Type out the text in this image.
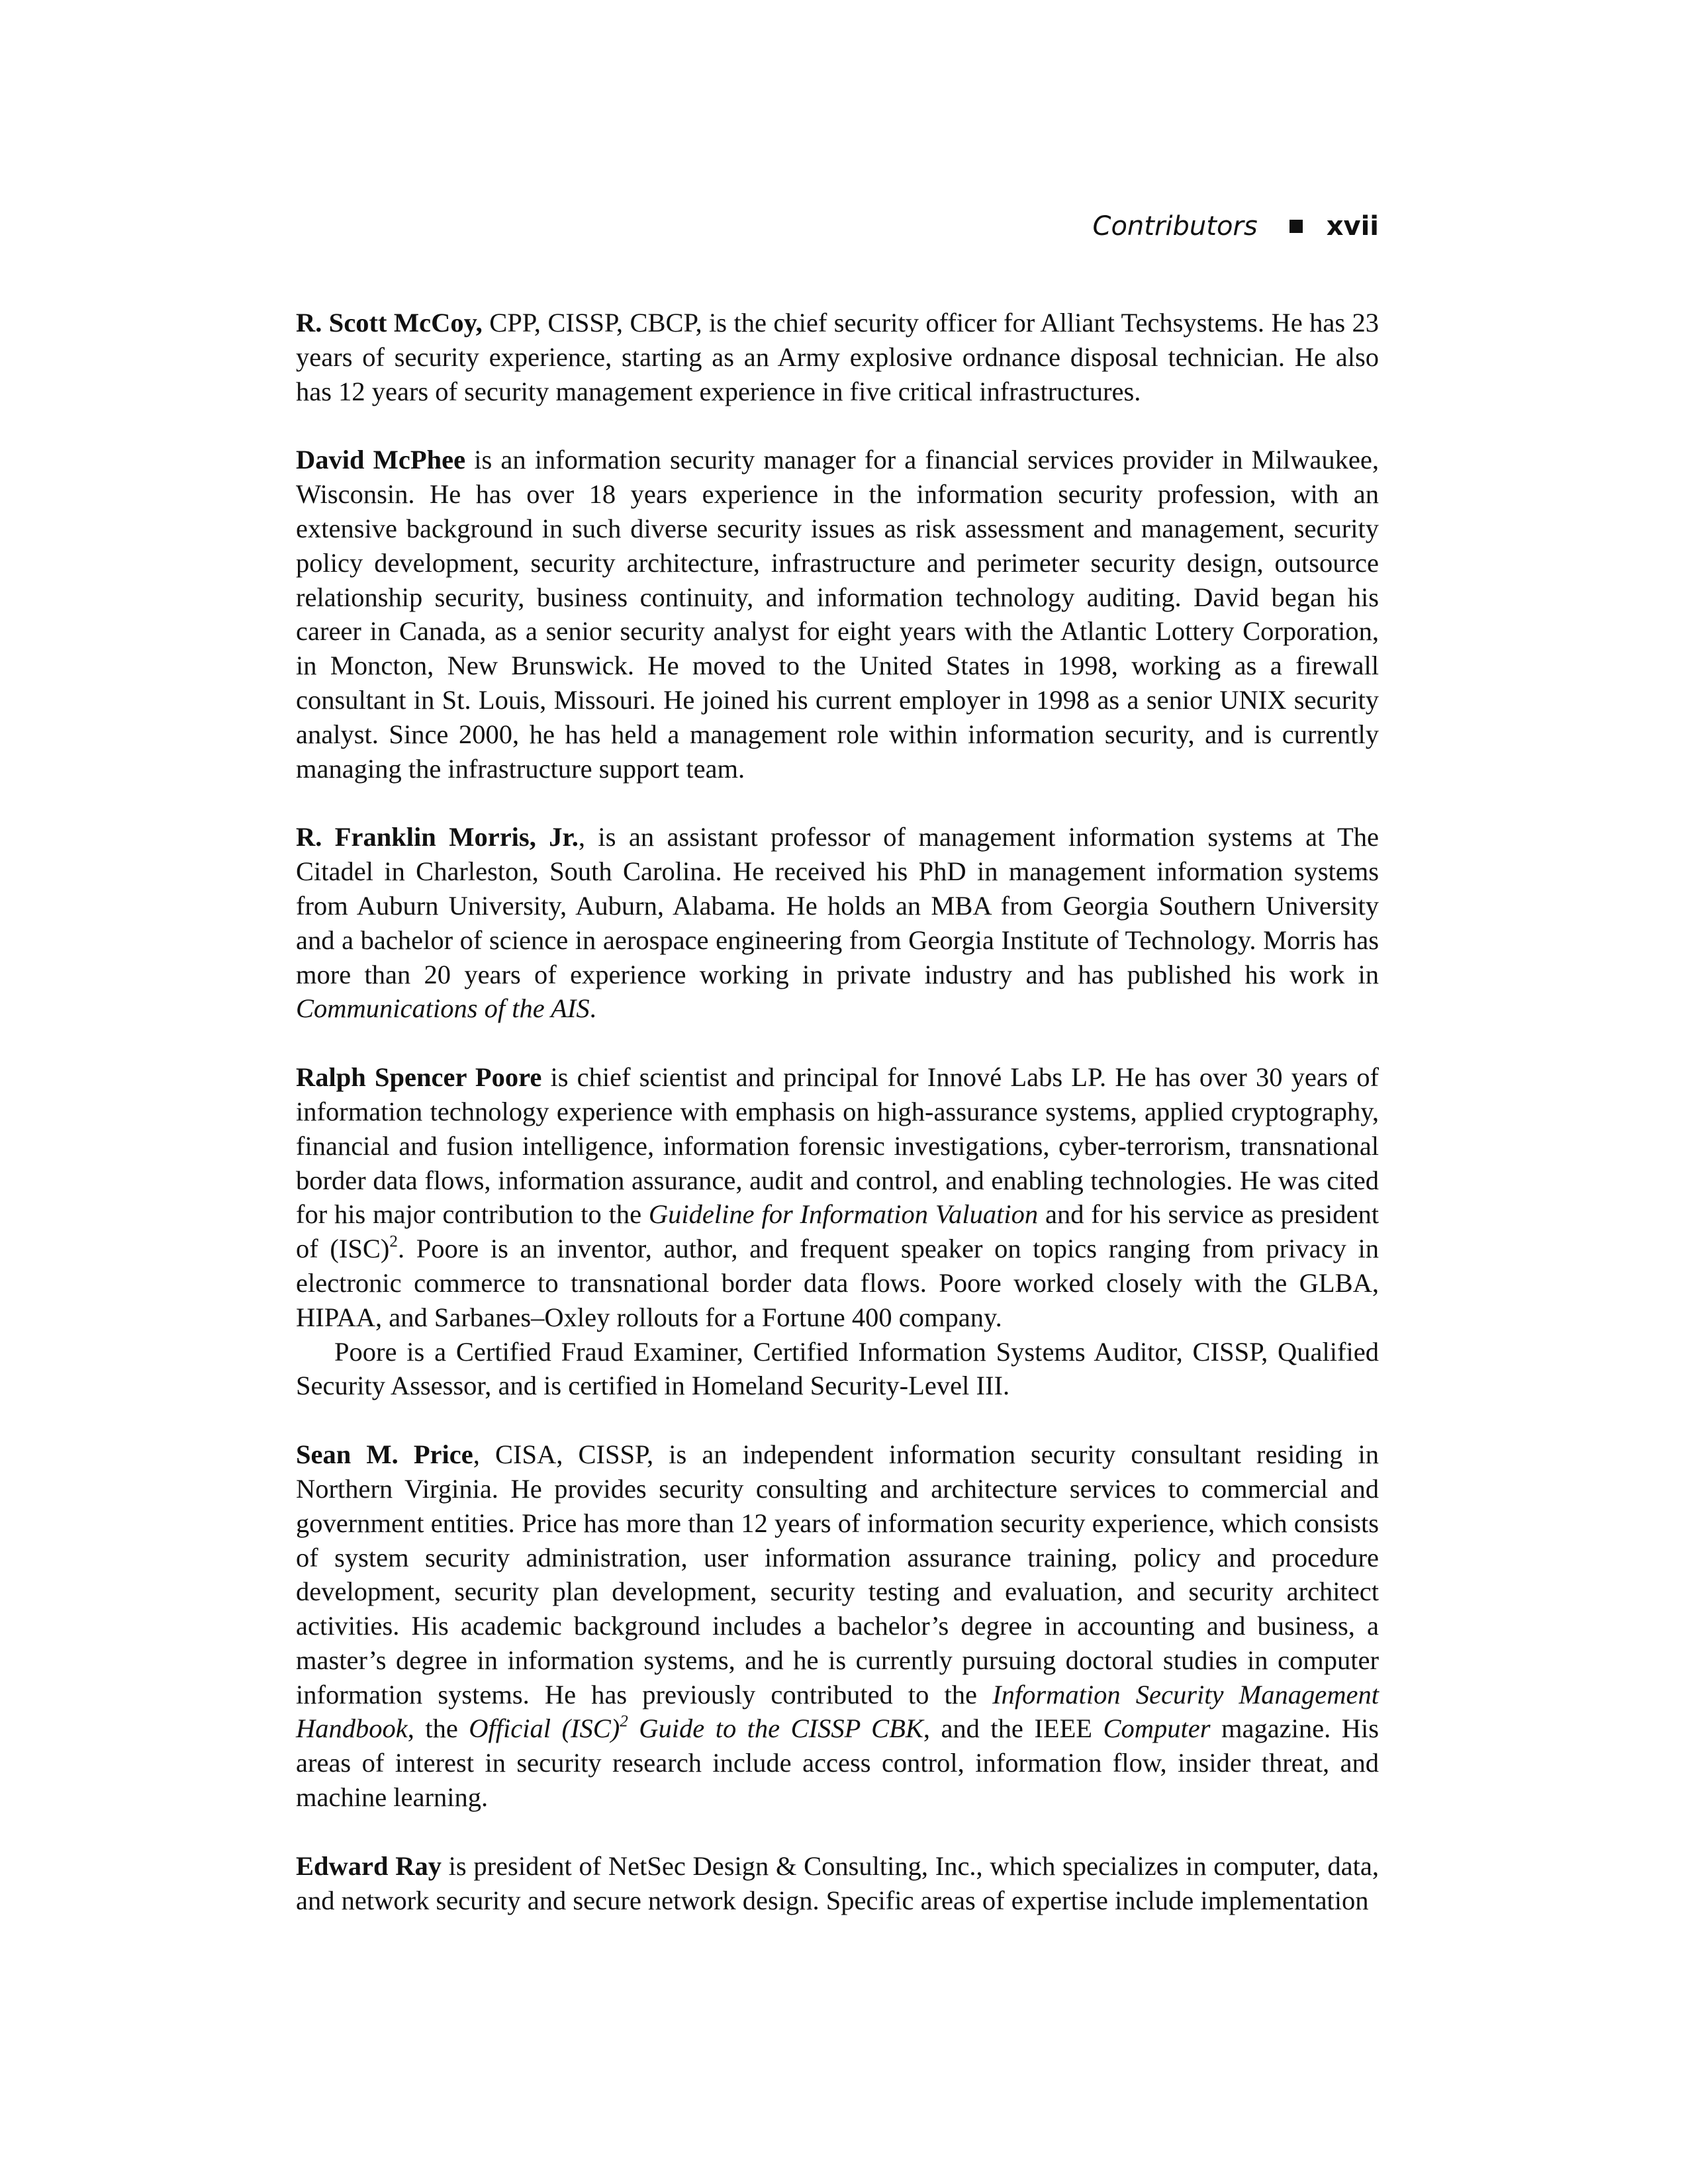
Contributors	xvii

R. Scott McCoy, CPP, CISSP, CBCP, is the chief security officer for Alliant Techsystems. He has 23 years of security experience, starting as an Army explosive ordnance disposal technician. He also has 12 years of security management experience in five critical infrastructures.

David McPhee is an information security manager for a financial services provider in Milwaukee, Wisconsin. He has over 18 years experience in the information security profession, with an extensive background in such diverse security issues as risk assessment and management, security policy development, security architecture, infrastructure and perimeter security design, outsource relationship security, business continuity, and information technology auditing. David began his career in Canada, as a senior security analyst for eight years with the Atlantic Lottery Corporation, in Moncton, New Brunswick. He moved to the United States in 1998, working as a firewall consultant in St. Louis, Missouri. He joined his current employer in 1998 as a senior UNIX security analyst. Since 2000, he has held a management role within information security, and is currently managing the infrastructure support team.

R. Franklin Morris, Jr., is an assistant professor of management information systems at The Citadel in Charleston, South Carolina. He received his PhD in management information systems from Auburn University, Auburn, Alabama. He holds an MBA from Georgia Southern University and a bachelor of science in aerospace engineering from Georgia Institute of Technology. Morris has more than 20 years of experience working in private industry and has published his work in Communications of the AIS.

Ralph Spencer Poore is chief scientist and principal for Innové Labs LP. He has over 30 years of information technology experience with emphasis on high-assurance systems, applied cryptography, financial and fusion intelligence, information forensic investigations, cyber-terrorism, transnational border data flows, information assurance, audit and control, and enabling technologies. He was cited for his major contribution to the Guideline for Information Valuation and for his service as president of (ISC)$^2$. Poore is an inventor, author, and frequent speaker on topics ranging from privacy in electronic commerce to transnational border data flows. Poore worked closely with the GLBA, HIPAA, and Sarbanes–Oxley rollouts for a Fortune 400 company.

Poore is a Certified Fraud Examiner, Certified Information Systems Auditor, CISSP, Qualified Security Assessor, and is certified in Homeland Security-Level III.

Sean M. Price, CISA, CISSP, is an independent information security consultant residing in Northern Virginia. He provides security consulting and architecture services to commercial and government entities. Price has more than 12 years of information security experience, which consists of system security administration, user information assurance training, policy and procedure development, security plan development, security testing and evaluation, and security architect activities. His academic background includes a bachelor’s degree in accounting and business, a master’s degree in information systems, and he is currently pursuing doctoral studies in computer information systems. He has previously contributed to the Information Security Management Handbook, the Official (ISC)$^2$ Guide to the CISSP CBK, and the IEEE Computer magazine. His areas of interest in security research include access control, information flow, insider threat, and machine learning.

Edward Ray is president of NetSec Design & Consulting, Inc., which specializes in computer, data, and network security and secure network design. Specific areas of expertise include implementation
